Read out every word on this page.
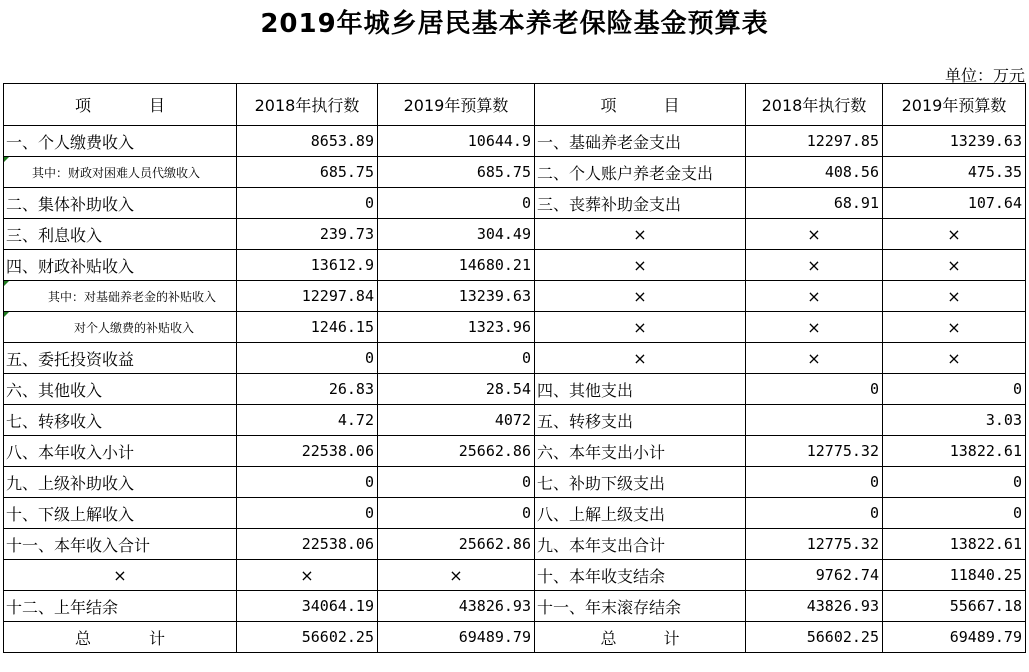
2019年城乡居民基本养老保险基金预算表
单位：万元
项 目	2018年执行数	2019年预算数	项 目	2018年执行数	2019年预算数
一、个人缴费收入	8653.89	10644.9	一、基础养老金支出	12297.85	13239.63
其中：财政对困难人员代缴收入	685.75	685.75	二、个人账户养老金支出	408.56	475.35
二、集体补助收入	0	0	三、丧葬补助金支出	68.91	107.64
三、利息收入	239.73	304.49	×	×	×
四、财政补贴收入	13612.9	14680.21	×	×	×
其中：对基础养老金的补贴收入	12297.84	13239.63	×	×	×
对个人缴费的补贴收入	1246.15	1323.96	×	×	×
五、委托投资收益	0	0	×	×	×
六、其他收入	26.83	28.54	四、其他支出	0	0
七、转移收入	4.72	4072	五、转移支出		3.03
八、本年收入小计	22538.06	25662.86	六、本年支出小计	12775.32	13822.61
九、上级补助收入	0	0	七、补助下级支出	0	0
十、下级上解收入	0	0	八、上解上级支出	0	0
十一、本年收入合计	22538.06	25662.86	九、本年支出合计	12775.32	13822.61
×	×	×	十、本年收支结余	9762.74	11840.25
十二、上年结余	34064.19	43826.93	十一、年末滚存结余	43826.93	55667.18

总 计	56602.25	69489.79	总 计	56602.25	69489.79
